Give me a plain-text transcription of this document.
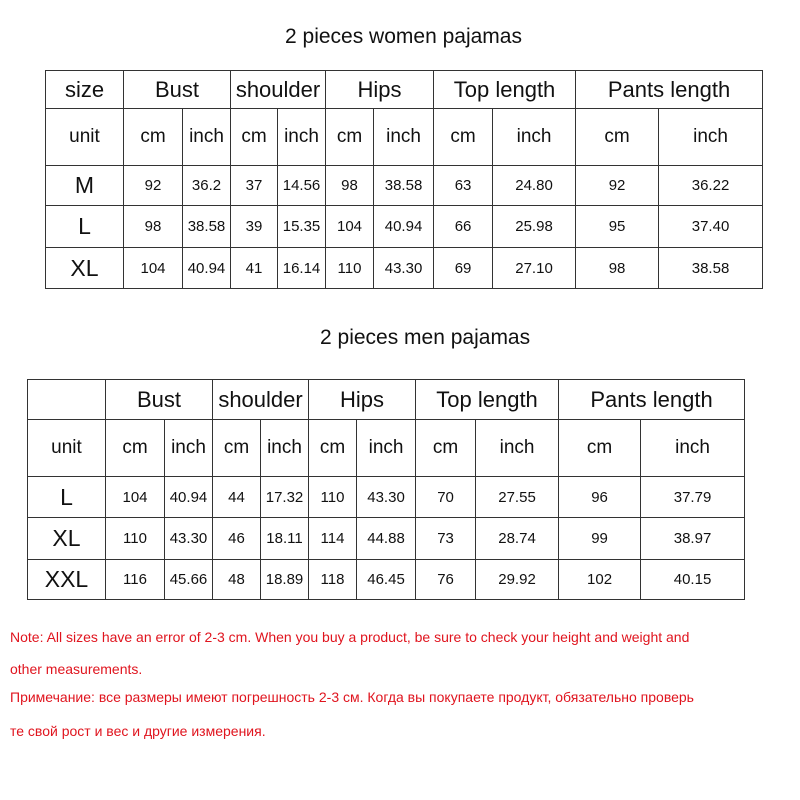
2 pieces women pajamas
size	Bust		shoulder		Hips		Top length		Pants length	
unit	cm	inch	cm	inch	cm	inch	cm	inch	cm	inch
M	92	36.2	37	14.56	98	38.58	63	24.80	92	36.22
L	98	38.58	39	15.35	104	40.94	66	25.98	95	37.40
XL	104	40.94	41	16.14	110	43.30	69	27.10	98	38.58
2 pieces men pajamas
	Bust		shoulder		Hips		Top length		Pants length	
unit	cm	inch	cm	inch	cm	inch	cm	inch	cm	inch
L	104	40.94	44	17.32	110	43.30	70	27.55	96	37.79
XL	110	43.30	46	18.11	114	44.88	73	28.74	99	38.97
XXL	116	45.66	48	18.89	118	46.45	76	29.92	102	40.15
Note: All sizes have an error of 2-3 cm. When you buy a product, be sure to check your height and weight and
other measurements.
Примечание: все размеры имеют погрешность 2-3 см. Когда вы покупаете продукт, обязательно проверь
те свой рост и вес и другие измерения.
